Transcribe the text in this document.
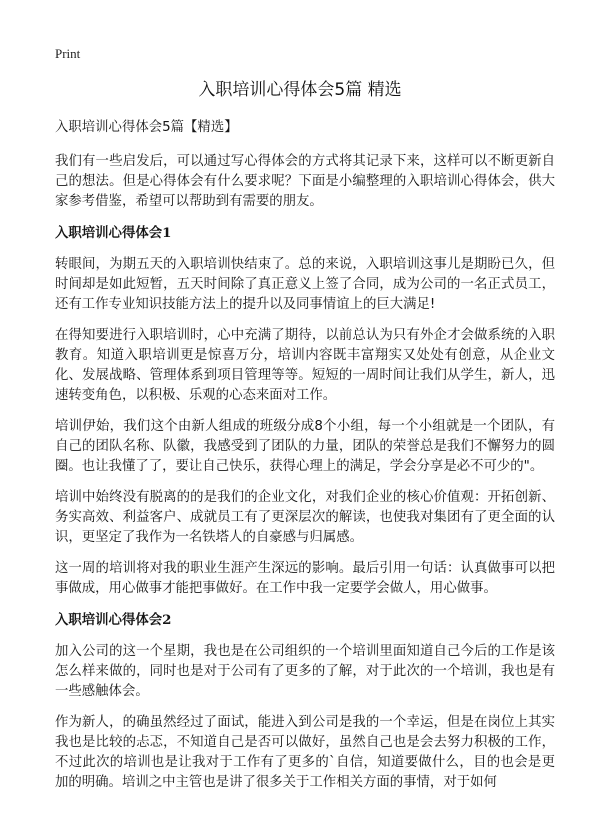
Print
入职培训心得体会5篇 精选

入职培训心得体会5篇【精选】

我们有一些启发后，可以通过写心得体会的方式将其记录下来，这样可以不断更新自己的想法。但是心得体会有什么要求呢？下面是小编整理的入职培训心得体会，供大家参考借鉴，希望可以帮助到有需要的朋友。

入职培训心得体会1

转眼间，为期五天的入职培训快结束了。总的来说，入职培训这事儿是期盼已久，但时间却是如此短暂，五天时间除了真正意义上签了合同，成为公司的一名正式员工，还有工作专业知识技能方法上的提升以及同事情谊上的巨大满足!

在得知要进行入职培训时，心中充满了期待，以前总认为只有外企才会做系统的入职教育。知道入职培训更是惊喜万分，培训内容既丰富翔实又处处有创意，从企业文化、发展战略、管理体系到项目管理等等。短短的一周时间让我们从学生，新人，迅速转变角色，以积极、乐观的心态来面对工作。

培训伊始，我们这个由新人组成的班级分成8个小组，每一个小组就是一个团队，有自己的团队名称、队徽，我感受到了团队的力量，团队的荣誉总是我们不懈努力的圆圈。也让我懂了了，要让自己快乐，获得心理上的满足，学会分享是必不可少的"。

培训中始终没有脱离的的是我们的企业文化，对我们企业的核心价值观：开拓创新、务实高效、利益客户、成就员工有了更深层次的解读，也使我对集团有了更全面的认识，更坚定了我作为一名铁塔人的自豪感与归属感。

这一周的培训将对我的职业生涯产生深远的影响。最后引用一句话：认真做事可以把事做成，用心做事才能把事做好。在工作中我一定要学会做人，用心做事。

入职培训心得体会2

加入公司的这一个星期，我也是在公司组织的一个培训里面知道自己今后的工作是该怎么样来做的，同时也是对于公司有了更多的了解，对于此次的一个培训，我也是有一些感触体会。

作为新人，的确虽然经过了面试，能进入到公司是我的一个幸运，但是在岗位上其实我也是比较的忐忑，不知道自己是否可以做好，虽然自己也是会去努力积极的工作，不过此次的培训也是让我对于工作有了更多的`自信，知道要做什么，目的也会是更加的明确。培训之中主管也是讲了很多关于工作相关方面的事情，对于如何
